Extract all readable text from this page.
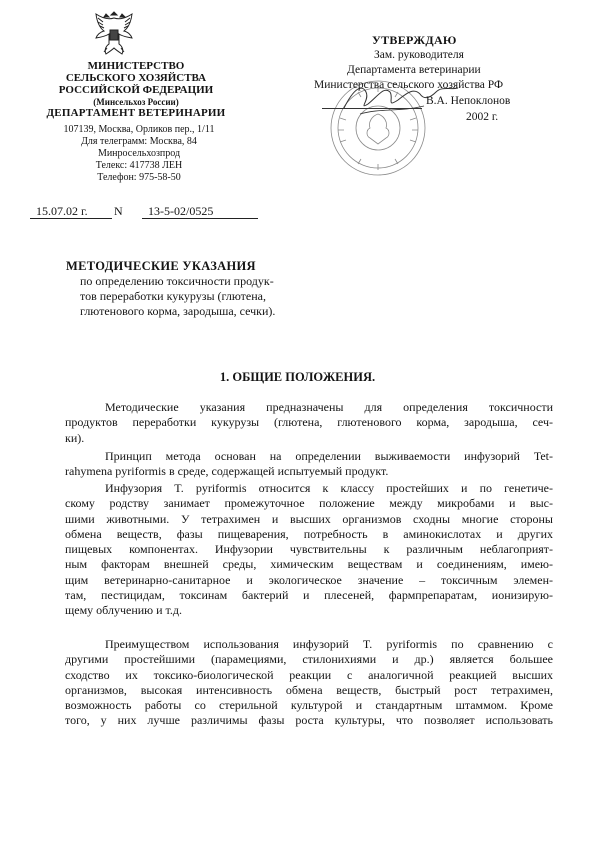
МИНИСТЕРСТВО
СЕЛЬСКОГО ХОЗЯЙСТВА
РОССИЙСКОЙ ФЕДЕРАЦИИ
(Минсельхоз России)
ДЕПАРТАМЕНТ ВЕТЕРИНАРИИ
107139, Москва, Орликов пер., 1/11
Для телеграмм: Москва, 84
Минросельхозпрод
Телекс: 417738 ЛЕН
Телефон: 975-58-50
15.07.02 г. N 13-5-02/0525
УТВЕРЖДАЮ
Зам. руководителя
Департамента ветеринарии
Министерства сельского хозяйства РФ
В.А. Непоклонов
2002 г.
МЕТОДИЧЕСКИЕ УКАЗАНИЯ
по определению токсичности продук-
тов переработки кукурузы (глютена,
глютенового корма, зародыша, сечки).
1. ОБЩИЕ ПОЛОЖЕНИЯ.
Методические указания предназначены для определения токсичности
продуктов переработки кукурузы (глютена, глютенового корма, зародыша, сеч-
ки).
Принцип метода основан на определении выживаемости инфузорий Tet-
rahymena pyriformis в среде, содержащей испытуемый продукт.
Инфузория T. pyriformis относится к классу простейших и по генетиче-
скому родству занимает промежуточное положение между микробами и выс-
шими животными. У тетрахимен и высших организмов сходны многие стороны
обмена веществ, фазы пищеварения, потребность в аминокислотах и других
пищевых компонентах. Инфузории чувствительны к различным неблагоприят-
ным факторам внешней среды, химическим веществам и соединениям, имею-
щим ветеринарно-санитарное и экологическое значение – токсичным элемен-
там, пестицидам, токсинам бактерий и плесеней, фармпрепаратам, ионизирую-
щему облучению и т.д.
Преимуществом использования инфузорий T. pyriformis по сравнению с
другими простейшими (парамециями, стилонихиями и др.) является большее
сходство их токсико-биологической реакции с аналогичной реакцией высших
организмов, высокая интенсивность обмена веществ, быстрый рост тетрахимен,
возможность работы со стерильной культурой и стандартным штаммом. Кроме
того, у них лучше различимы фазы роста культуры, что позволяет использовать
